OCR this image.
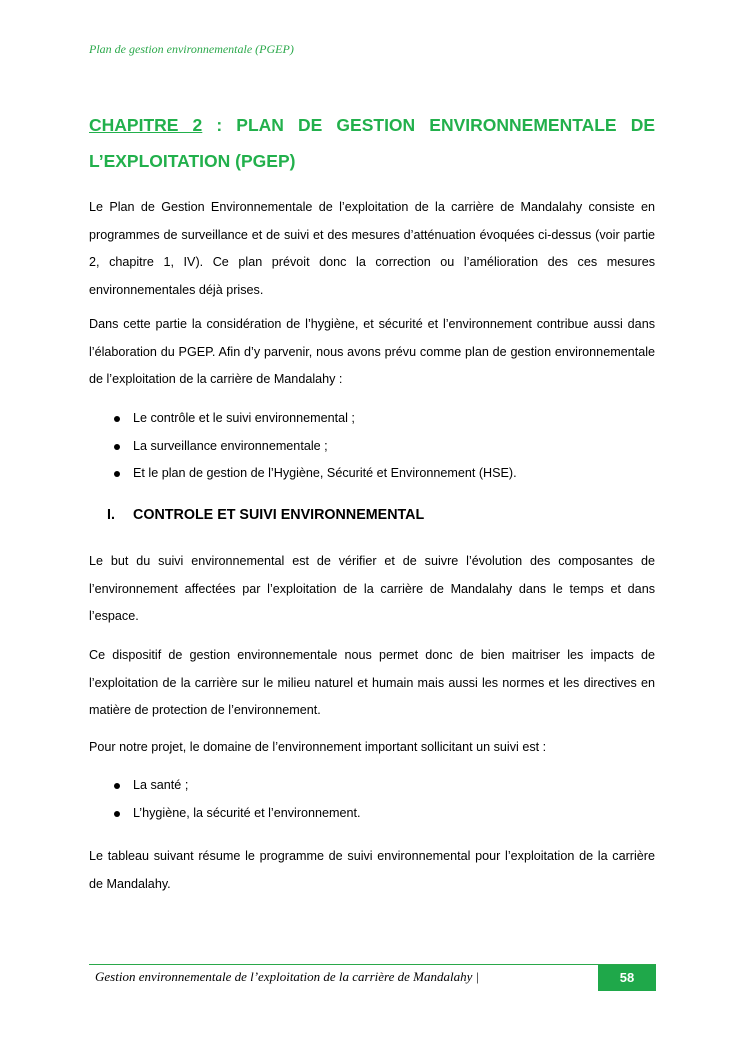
Plan de gestion environnementale (PGEP)
CHAPITRE 2 : PLAN DE GESTION ENVIRONNEMENTALE DE L’EXPLOITATION (PGEP)

Le Plan de Gestion Environnementale de l’exploitation de la carrière de Mandalahy consiste en programmes de surveillance et de suivi et des mesures d’atténuation évoquées ci-dessus (voir partie 2, chapitre 1, IV). Ce plan prévoit donc la correction ou l’amélioration des ces mesures environnementales déjà prises.

Dans cette partie la considération de l’hygiène, et sécurité et l’environnement contribue aussi dans l’élaboration du PGEP. Afin d’y parvenir, nous avons prévu comme plan de gestion environnementale de l’exploitation de la carrière de Mandalahy :

Le contrôle et le suivi environnemental ;
La surveillance environnementale ;
Et le plan de gestion de l’Hygiène, Sécurité et Environnement (HSE).
I. CONTROLE ET SUIVI ENVIRONNEMENTAL

Le but du suivi environnemental est de vérifier et de suivre l’évolution des composantes de l’environnement affectées par l’exploitation de la carrière de Mandalahy dans le temps et dans l’espace.

Ce dispositif de gestion environnementale nous permet donc de bien maitriser les impacts de l’exploitation de la carrière sur le milieu naturel et humain mais aussi les normes et les directives en matière de protection de l’environnement.

Pour notre projet, le domaine de l’environnement important sollicitant un suivi est :

La santé ;
L’hygiène, la sécurité et l’environnement.

Le tableau suivant résume le programme de suivi environnemental pour l’exploitation de la carrière de Mandalahy.

Gestion environnementale de l’exploitation de la carrière de Mandalahy |	58
